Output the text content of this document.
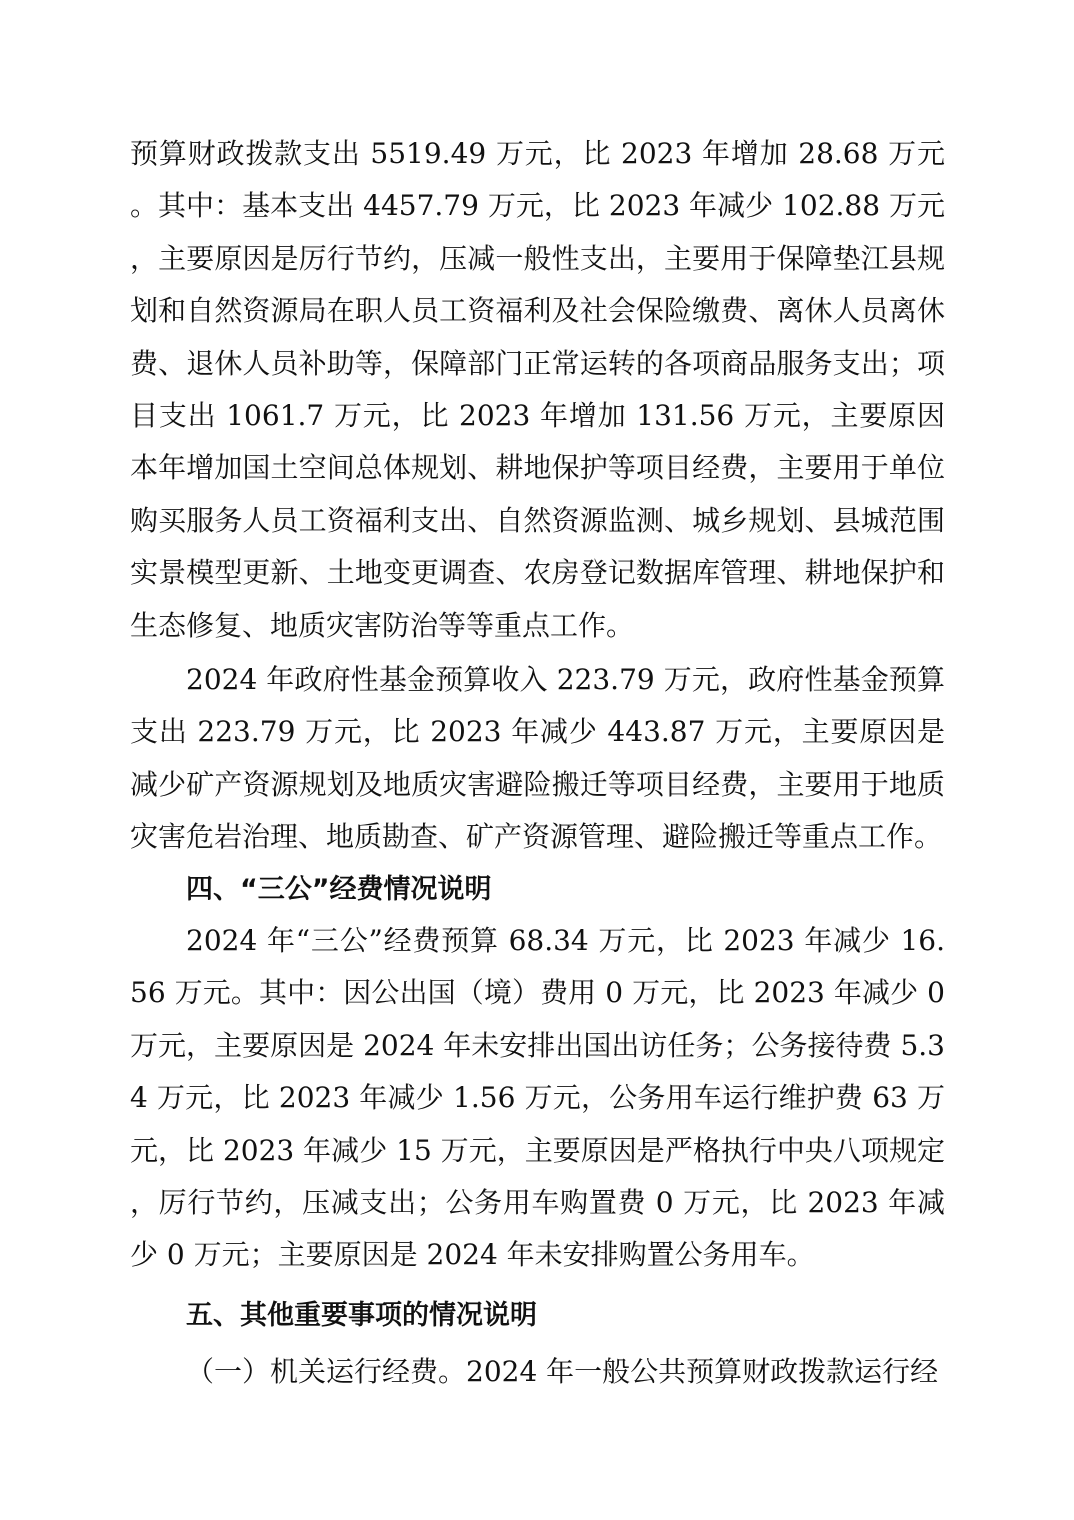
预算财政拨款支出 5519.49 万元，比 2023 年增加 28.68 万元。其中：基本支出 4457.79 万元，比 2023 年减少 102.88 万元，主要原因是厉行节约，压减一般性支出，主要用于保障垫江县规划和自然资源局在职人员工资福利及社会保险缴费、离休人员离休费、退休人员补助等，保障部门正常运转的各项商品服务支出；项目支出 1061.7 万元，比 2023 年增加 131.56 万元，主要原因本年增加国土空间总体规划、耕地保护等项目经费，主要用于单位购买服务人员工资福利支出、自然资源监测、城乡规划、县城范围实景模型更新、土地变更调查、农房登记数据库管理、耕地保护和生态修复、地质灾害防治等等重点工作。

2024 年政府性基金预算收入 223.79 万元，政府性基金预算支出 223.79 万元，比 2023 年减少 443.87 万元，主要原因是减少矿产资源规划及地质灾害避险搬迁等项目经费，主要用于地质灾害危岩治理、地质勘查、矿产资源管理、避险搬迁等重点工作。

四、“三公”经费情况说明

2024 年“三公”经费预算 68.34 万元，比 2023 年减少 16.56 万元。其中：因公出国（境）费用 0 万元，比 2023 年减少 0 万元，主要原因是 2024 年未安排出国出访任务；公务接待费 5.34 万元，比 2023 年减少 1.56 万元，公务用车运行维护费 63 万元，比 2023 年减少 15 万元，主要原因是严格执行中央八项规定，厉行节约，压减支出；公务用车购置费 0 万元，比 2023 年减少 0 万元；主要原因是 2024 年未安排购置公务用车。

五、其他重要事项的情况说明

（一）机关运行经费。2024 年一般公共预算财政拨款运行经
